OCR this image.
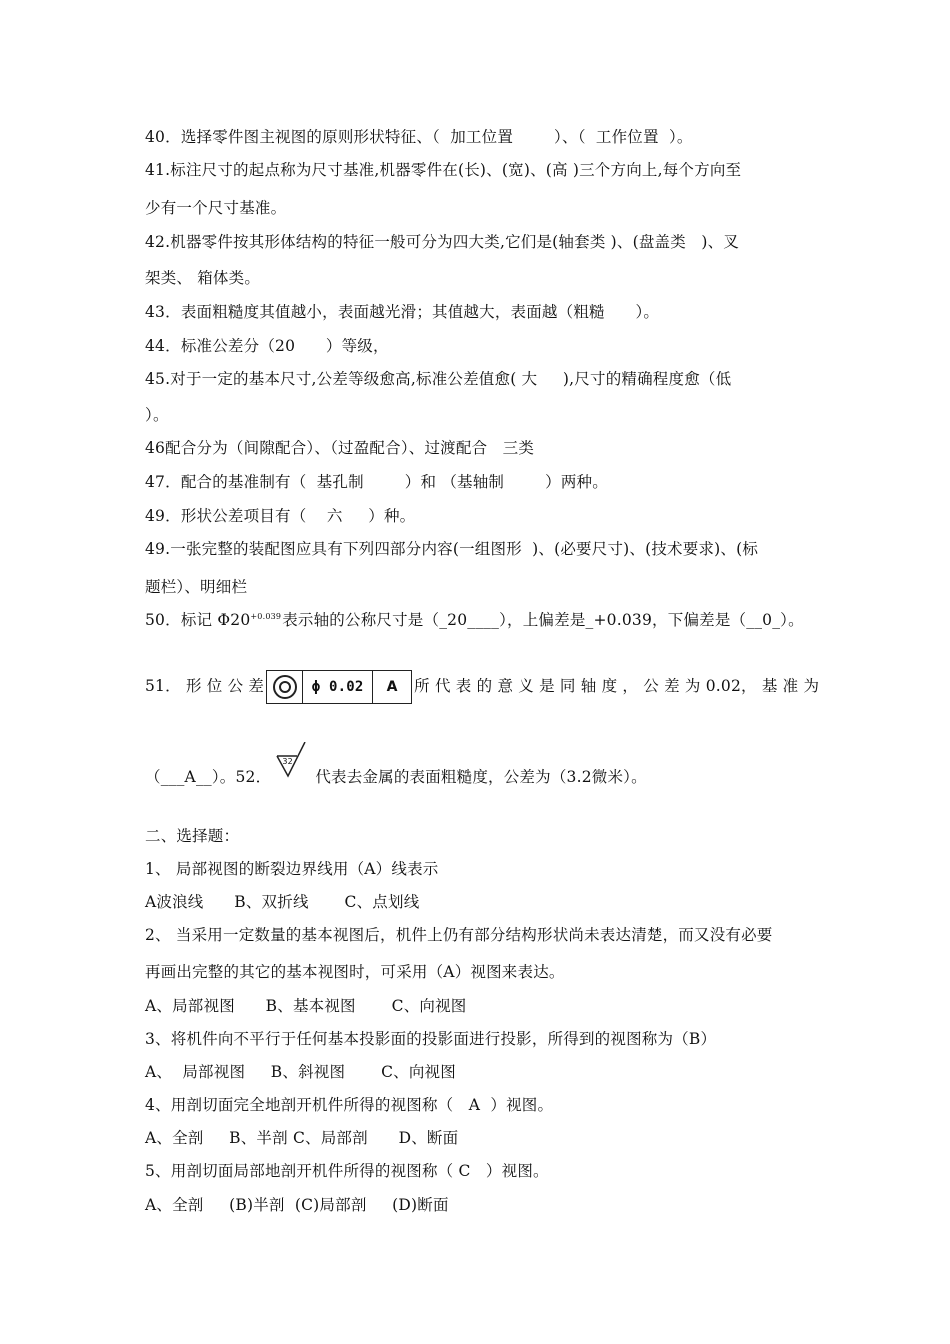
40．选择零件图主视图的原则形状特征、（  加工位置        ）、（  工作位置  ）。
41.标注尺寸的起点称为尺寸基准,机器零件在(长)、(宽)、(高 )三个方向上,每个方向至
少有一个尺寸基准。
42.机器零件按其形体结构的特征一般可分为四大类,它们是(轴套类 )、(盘盖类   )、叉
架类、 箱体类。
43．表面粗糙度其值越小，表面越光滑；其值越大，表面越（粗糙      ）。
44．标准公差分（20      ）等级，
45.对于一定的基本尺寸,公差等级愈高,标准公差值愈( 大     ),尺寸的精确程度愈（低
）。
46配合分为（间隙配合）、（过盈配合）、过渡配合   三类
47．配合的基准制有（  基孔制        ）和 （基轴制        ）两种。
49．形状公差项目有（    六     ）种。
49.一张完整的装配图应具有下列四部分内容(一组图形  )、(必要尺寸)、(技术要求)、(标
题栏）、明细栏
50．标记 $\Phi 20^{+0.039}$表示轴的公称尺寸是（_20____），上偏差是_+0.039，下偏差是（__0_）。
51． 形 位 公 差	ϕ 0.02	A	所 代 表 的 意 义 是 同 轴 度 ， 公 差 为 0.02， 基 准 为
（___A__）。52．
32
代表去金属的表面粗糙度，公差为（3.2微米）。
二、选择题：
1、 局部视图的断裂边界线用（A）线表示
A波浪线      B、双折线       C、点划线
2、 当采用一定数量的基本视图后，机件上仍有部分结构形状尚未表达清楚，而又没有必要
再画出完整的其它的基本视图时，可采用（A）视图来表达。
A、局部视图      B、基本视图       C、向视图
3、将机件向不平行于任何基本投影面的投影面进行投影，所得到的视图称为（B）
A、  局部视图     B、斜视图       C、向视图
4、用剖切面完全地剖开机件所得的视图称（   A  ）视图。
A、全剖     B、半剖 C、局部剖      D、断面
5、用剖切面局部地剖开机件所得的视图称（ C   ）视图。
A、全剖     (B)半剖  (C)局部剖     (D)断面
